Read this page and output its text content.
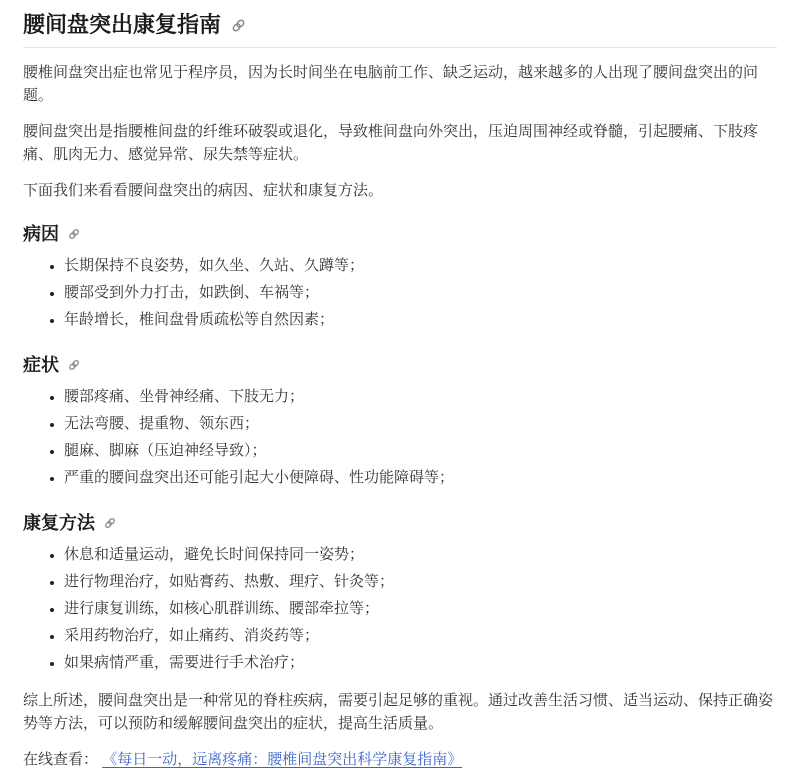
腰间盘突出康复指南

腰椎间盘突出症也常见于程序员，因为长时间坐在电脑前工作、缺乏运动，越来越多的人出现了腰间盘突出的问题。

腰间盘突出是指腰椎间盘的纤维环破裂或退化，导致椎间盘向外突出，压迫周围神经或脊髓，引起腰痛、下肢疼痛、肌肉无力、感觉异常、尿失禁等症状。

下面我们来看看腰间盘突出的病因、症状和康复方法。

病因
• 长期保持不良姿势，如久坐、久站、久蹲等；
• 腰部受到外力打击，如跌倒、车祸等；
• 年龄增长，椎间盘骨质疏松等自然因素；
症状
• 腰部疼痛、坐骨神经痛、下肢无力；
• 无法弯腰、提重物、领东西；
• 腿麻、脚麻（压迫神经导致）；
• 严重的腰间盘突出还可能引起大小便障碍、性功能障碍等；
康复方法
• 休息和适量运动，避免长时间保持同一姿势；
• 进行物理治疗，如贴膏药、热敷、理疗、针灸等；
• 进行康复训练，如核心肌群训练、腰部牵拉等；
• 采用药物治疗，如止痛药、消炎药等；
• 如果病情严重，需要进行手术治疗；

综上所述，腰间盘突出是一种常见的脊柱疾病，需要引起足够的重视。通过改善生活习惯、适当运动、保持正确姿势等方法，可以预防和缓解腰间盘突出的症状，提高生活质量。

在线查看： 《每日一动，远离疼痛：腰椎间盘突出科学康复指南》
